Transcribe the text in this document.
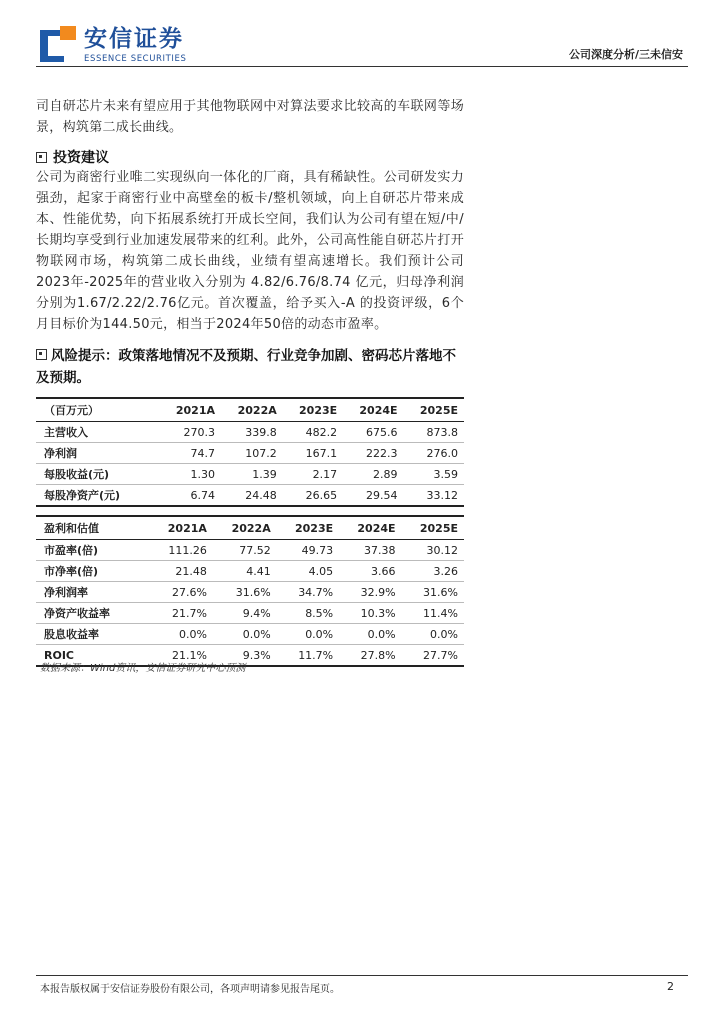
安信证券
ESSENCE SECURITIES	公司深度分析/三未信安
司自研芯片未来有望应用于其他物联网中对算法要求比较高的车联网等场景，构筑第二成长曲线。
投资建议
公司为商密行业唯二实现纵向一体化的厂商，具有稀缺性。公司研发实力强劲，起家于商密行业中高壁垒的板卡/整机领域，向上自研芯片带来成本、性能优势，向下拓展系统打开成长空间，我们认为公司有望在短/中/长期均享受到行业加速发展带来的红利。此外，公司高性能自研芯片打开物联网市场，构筑第二成长曲线，业绩有望高速增长。我们预计公司2023年-2025年的营业收入分别为 4.82/6.76/8.74 亿元，归母净利润分别为1.67/2.22/2.76亿元。首次覆盖，给予买入-A 的投资评级，6个月目标价为144.50元，相当于2024年50倍的动态市盈率。
风险提示：政策落地情况不及预期、行业竞争加剧、密码芯片落地不及预期。
（百万元）	2021A	2022A	2023E	2024E	2025E
主营收入	270.3	339.8	482.2	675.6	873.8
净利润	74.7	107.2	167.1	222.3	276.0
每股收益(元)	1.30	1.39	2.17	2.89	3.59
每股净资产(元)	6.74	24.48	26.65	29.54	33.12
盈利和估值	2021A	2022A	2023E	2024E	2025E
市盈率(倍)	111.26	77.52	49.73	37.38	30.12
市净率(倍)	21.48	4.41	4.05	3.66	3.26
净利润率	27.6%	31.6%	34.7%	32.9%	31.6%
净资产收益率	21.7%	9.4%	8.5%	10.3%	11.4%
股息收益率	0.0%	0.0%	0.0%	0.0%	0.0%
ROIC	21.1%	9.3%	11.7%	27.8%	27.7%
数据来源：Wind资讯，安信证券研究中心预测
本报告版权属于安信证券股份有限公司，各项声明请参见报告尾页。	2
